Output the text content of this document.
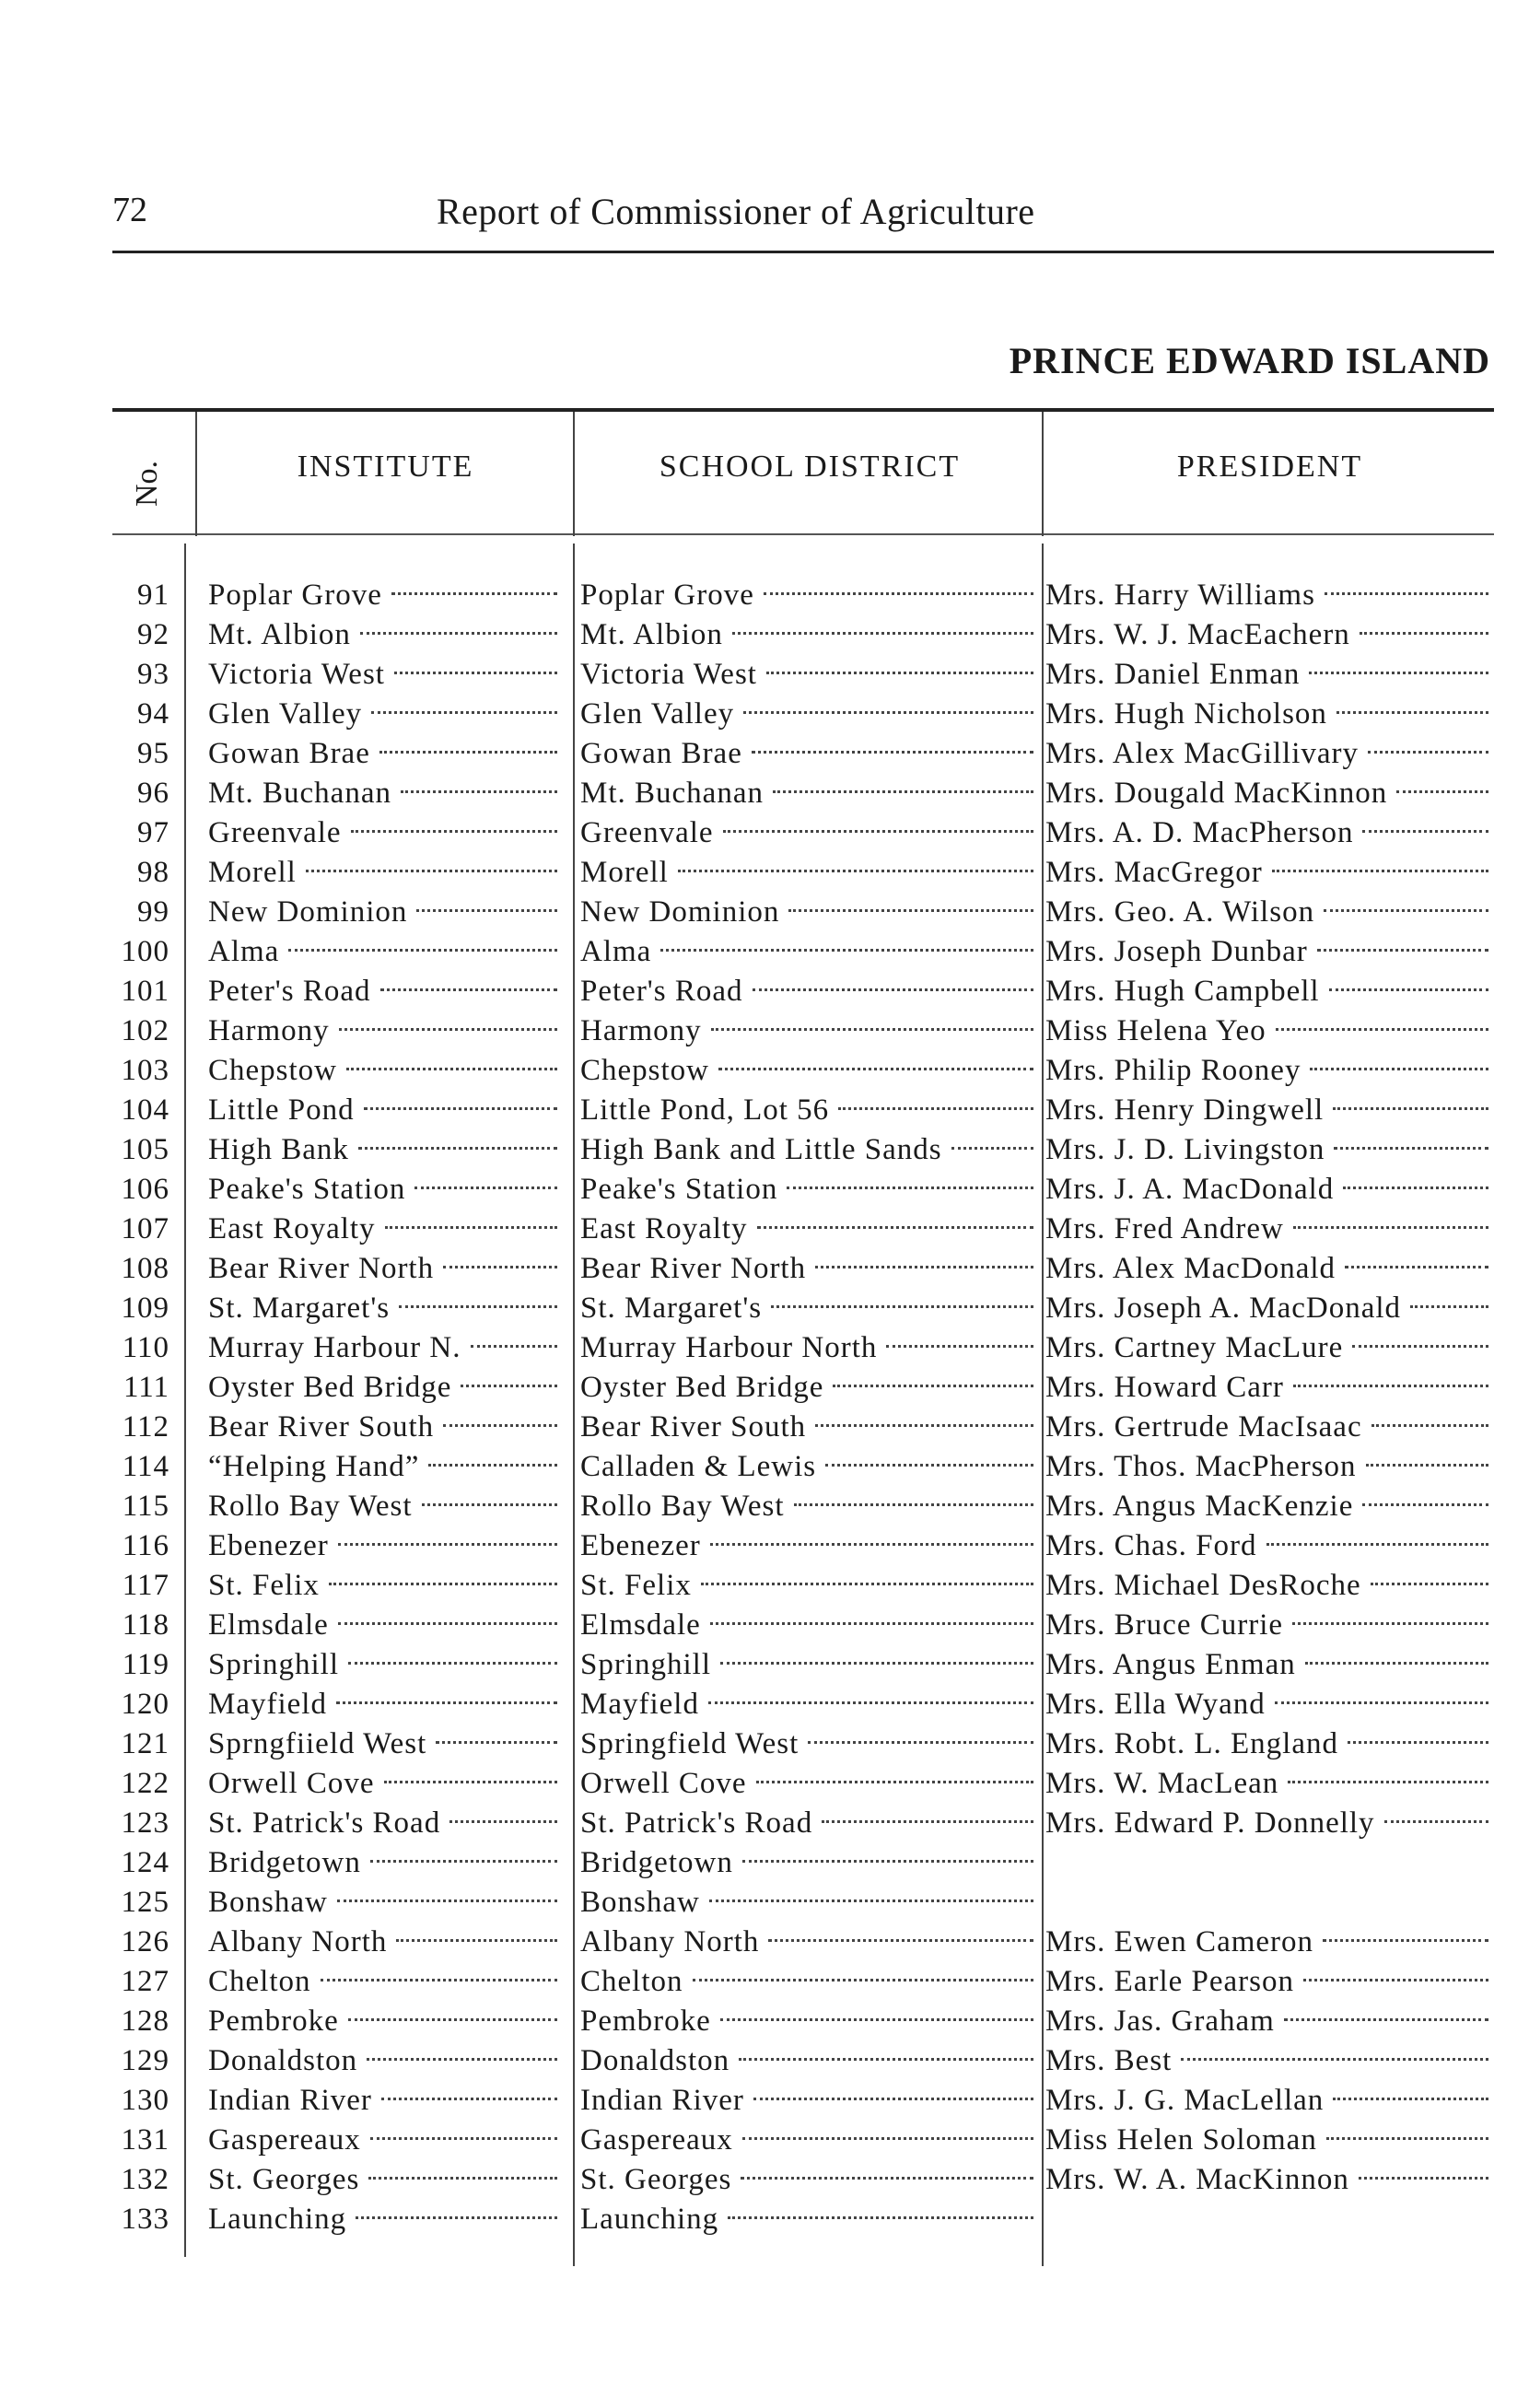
72	Report of Commissioner of Agriculture
PRINCE EDWARD ISLAND
No.	INSTITUTE	SCHOOL DISTRICT	PRESIDENT
91 Poplar Grove	Poplar Grove	Mrs. Harry Williams
92 Mt. Albion	Mt. Albion	Mrs. W. J. MacEachern
93 Victoria West	Victoria West	Mrs. Daniel Enman
94 Glen Valley	Glen Valley	Mrs. Hugh Nicholson
95 Gowan Brae	Gowan Brae	Mrs. Alex MacGillivary
96 Mt. Buchanan	Mt. Buchanan	Mrs. Dougald MacKinnon
97 Greenvale	Greenvale	Mrs. A. D. MacPherson
98 Morell	Morell	Mrs. MacGregor
99 New Dominion	New Dominion	Mrs. Geo. A. Wilson
100 Alma	Alma	Mrs. Joseph Dunbar
101 Peter's Road	Peter's Road	Mrs. Hugh Campbell
102 Harmony	Harmony	Miss Helena Yeo
103 Chepstow	Chepstow	Mrs. Philip Rooney
104 Little Pond	Little Pond, Lot 56	Mrs. Henry Dingwell
105 High Bank	High Bank and Little Sands	Mrs. J. D. Livingston
106 Peake's Station	Peake's Station	Mrs. J. A. MacDonald
107 East Royalty	East Royalty	Mrs. Fred Andrew
108 Bear River North	Bear River North	Mrs. Alex MacDonald
109 St. Margaret's	St. Margaret's	Mrs. Joseph A. MacDonald
110 Murray Harbour N.	Murray Harbour North	Mrs. Cartney MacLure
111 Oyster Bed Bridge	Oyster Bed Bridge	Mrs. Howard Carr
112 Bear River South	Bear River South	Mrs. Gertrude MacIsaac
114 “Helping Hand”	Calladen & Lewis	Mrs. Thos. MacPherson
115 Rollo Bay West	Rollo Bay West	Mrs. Angus MacKenzie
116 Ebenezer	Ebenezer	Mrs. Chas. Ford
117 St. Felix	St. Felix	Mrs. Michael DesRoche
118 Elmsdale	Elmsdale	Mrs. Bruce Currie
119 Springhill	Springhill	Mrs. Angus Enman
120 Mayfield	Mayfield	Mrs. Ella Wyand
121 Sprngfiield West	Springfield West	Mrs. Robt. L. England
122 Orwell Cove	Orwell Cove	Mrs. W. MacLean
123 St. Patrick's Road	St. Patrick's Road	Mrs. Edward P. Donnelly
124 Bridgetown	Bridgetown
125 Bonshaw	Bonshaw
126 Albany North	Albany North	Mrs. Ewen Cameron
127 Chelton	Chelton	Mrs. Earle Pearson
128 Pembroke	Pembroke	Mrs. Jas. Graham
129 Donaldston	Donaldston	Mrs. Best
130 Indian River	Indian River	Mrs. J. G. MacLellan
131 Gaspereaux	Gaspereaux	Miss Helen Soloman
132 St. Georges	St. Georges	Mrs. W. A. MacKinnon
133 Launching	Launching
